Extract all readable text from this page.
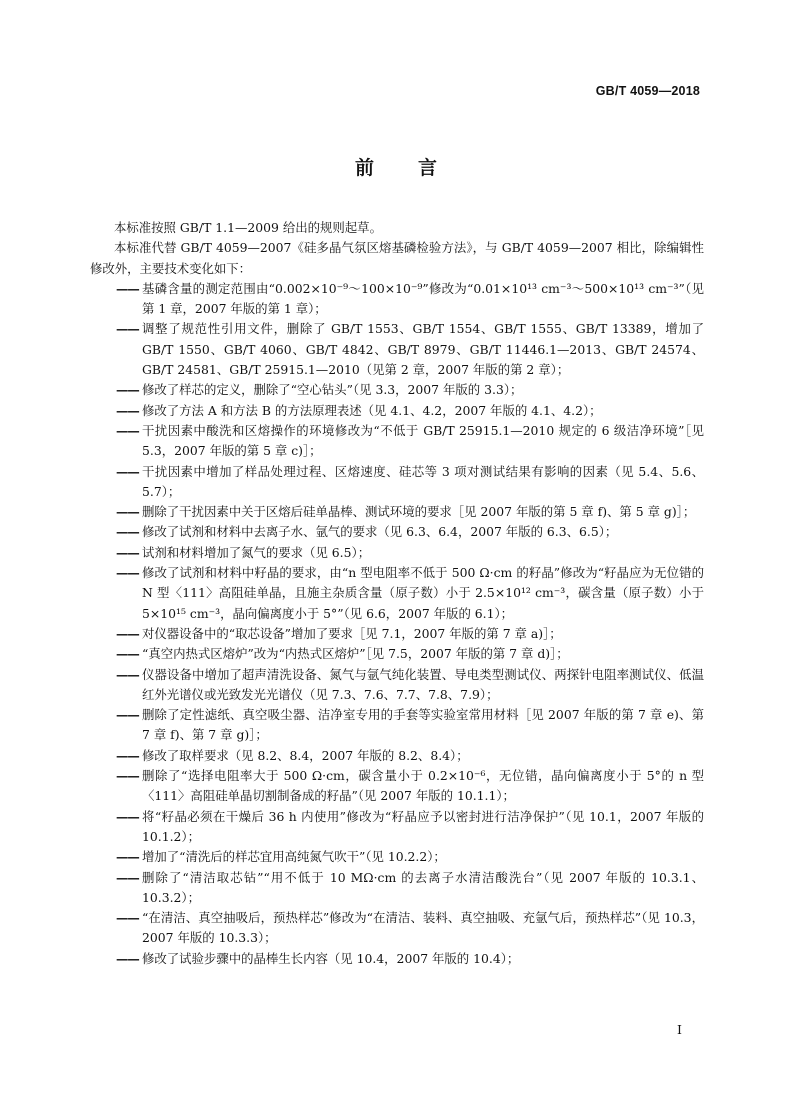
GB/T 4059—2018
前言

本标准按照 GB/T 1.1—2009 给出的规则起草。

本标准代替 GB/T 4059—2007《硅多晶气氛区熔基磷检验方法》，与 GB/T 4059—2007 相比，除编辑性修改外，主要技术变化如下：

—— 基磷含量的测定范围由“0.002×10⁻⁹～100×10⁻⁹”修改为“0.01×10¹³ cm⁻³～500×10¹³ cm⁻³”（见第 1 章，2007 年版的第 1 章）；

—— 调整了规范性引用文件，删除了 GB/T 1553、GB/T 1554、GB/T 1555、GB/T 13389，增加了 GB/T 1550、GB/T 4060、GB/T 4842、GB/T 8979、GB/T 11446.1—2013、GB/T 24574、GB/T 24581、GB/T 25915.1—2010（见第 2 章，2007 年版的第 2 章）；

—— 修改了样芯的定义，删除了“空心钻头”（见 3.3，2007 年版的 3.3）；

—— 修改了方法 A 和方法 B 的方法原理表述（见 4.1、4.2，2007 年版的 4.1、4.2）；

—— 干扰因素中酸洗和区熔操作的环境修改为“不低于 GB/T 25915.1—2010 规定的 6 级洁净环境”［见 5.3，2007 年版的第 5 章 c)］；

—— 干扰因素中增加了样品处理过程、区熔速度、硅芯等 3 项对测试结果有影响的因素（见 5.4、5.6、5.7）；

—— 删除了干扰因素中关于区熔后硅单晶棒、测试环境的要求［见 2007 年版的第 5 章 f)、第 5 章 g)］；

—— 修改了试剂和材料中去离子水、氩气的要求（见 6.3、6.4，2007 年版的 6.3、6.5）；

—— 试剂和材料增加了氮气的要求（见 6.5）；

—— 修改了试剂和材料中籽晶的要求，由“n 型电阻率不低于 500 Ω·cm 的籽晶”修改为“籽晶应为无位错的 N 型〈111〉高阻硅单晶，且施主杂质含量（原子数）小于 2.5×10¹² cm⁻³，碳含量（原子数）小于 5×10¹⁵ cm⁻³，晶向偏离度小于 5°”（见 6.6，2007 年版的 6.1）；

—— 对仪器设备中的“取芯设备”增加了要求［见 7.1，2007 年版的第 7 章 a)］；

—— “真空内热式区熔炉”改为“内热式区熔炉”［见 7.5，2007 年版的第 7 章 d)］；

—— 仪器设备中增加了超声清洗设备、氮气与氩气纯化装置、导电类型测试仪、两探针电阻率测试仪、低温红外光谱仪或光致发光光谱仪（见 7.3、7.6、7.7、7.8、7.9）；

—— 删除了定性滤纸、真空吸尘器、洁净室专用的手套等实验室常用材料［见 2007 年版的第 7 章 e)、第 7 章 f)、第 7 章 g)］；

—— 修改了取样要求（见 8.2、8.4，2007 年版的 8.2、8.4）；

—— 删除了“选择电阻率大于 500 Ω·cm，碳含量小于 0.2×10⁻⁶，无位错，晶向偏离度小于 5°的 n 型〈111〉高阻硅单晶切割制备成的籽晶”（见 2007 年版的 10.1.1）；

—— 将“籽晶必须在干燥后 36 h 内使用”修改为“籽晶应予以密封进行洁净保护”（见 10.1，2007 年版的 10.1.2）；

—— 增加了“清洗后的样芯宜用高纯氮气吹干”（见 10.2.2）；

—— 删除了“清洁取芯钻”“用不低于 10 MΩ·cm 的去离子水清洁酸洗台”（见 2007 年版的 10.3.1、10.3.2）；

—— “在清洁、真空抽吸后，预热样芯”修改为“在清洁、装料、真空抽吸、充氩气后，预热样芯”（见 10.3，2007 年版的 10.3.3）；

—— 修改了试验步骤中的晶棒生长内容（见 10.4，2007 年版的 10.4）；

I
